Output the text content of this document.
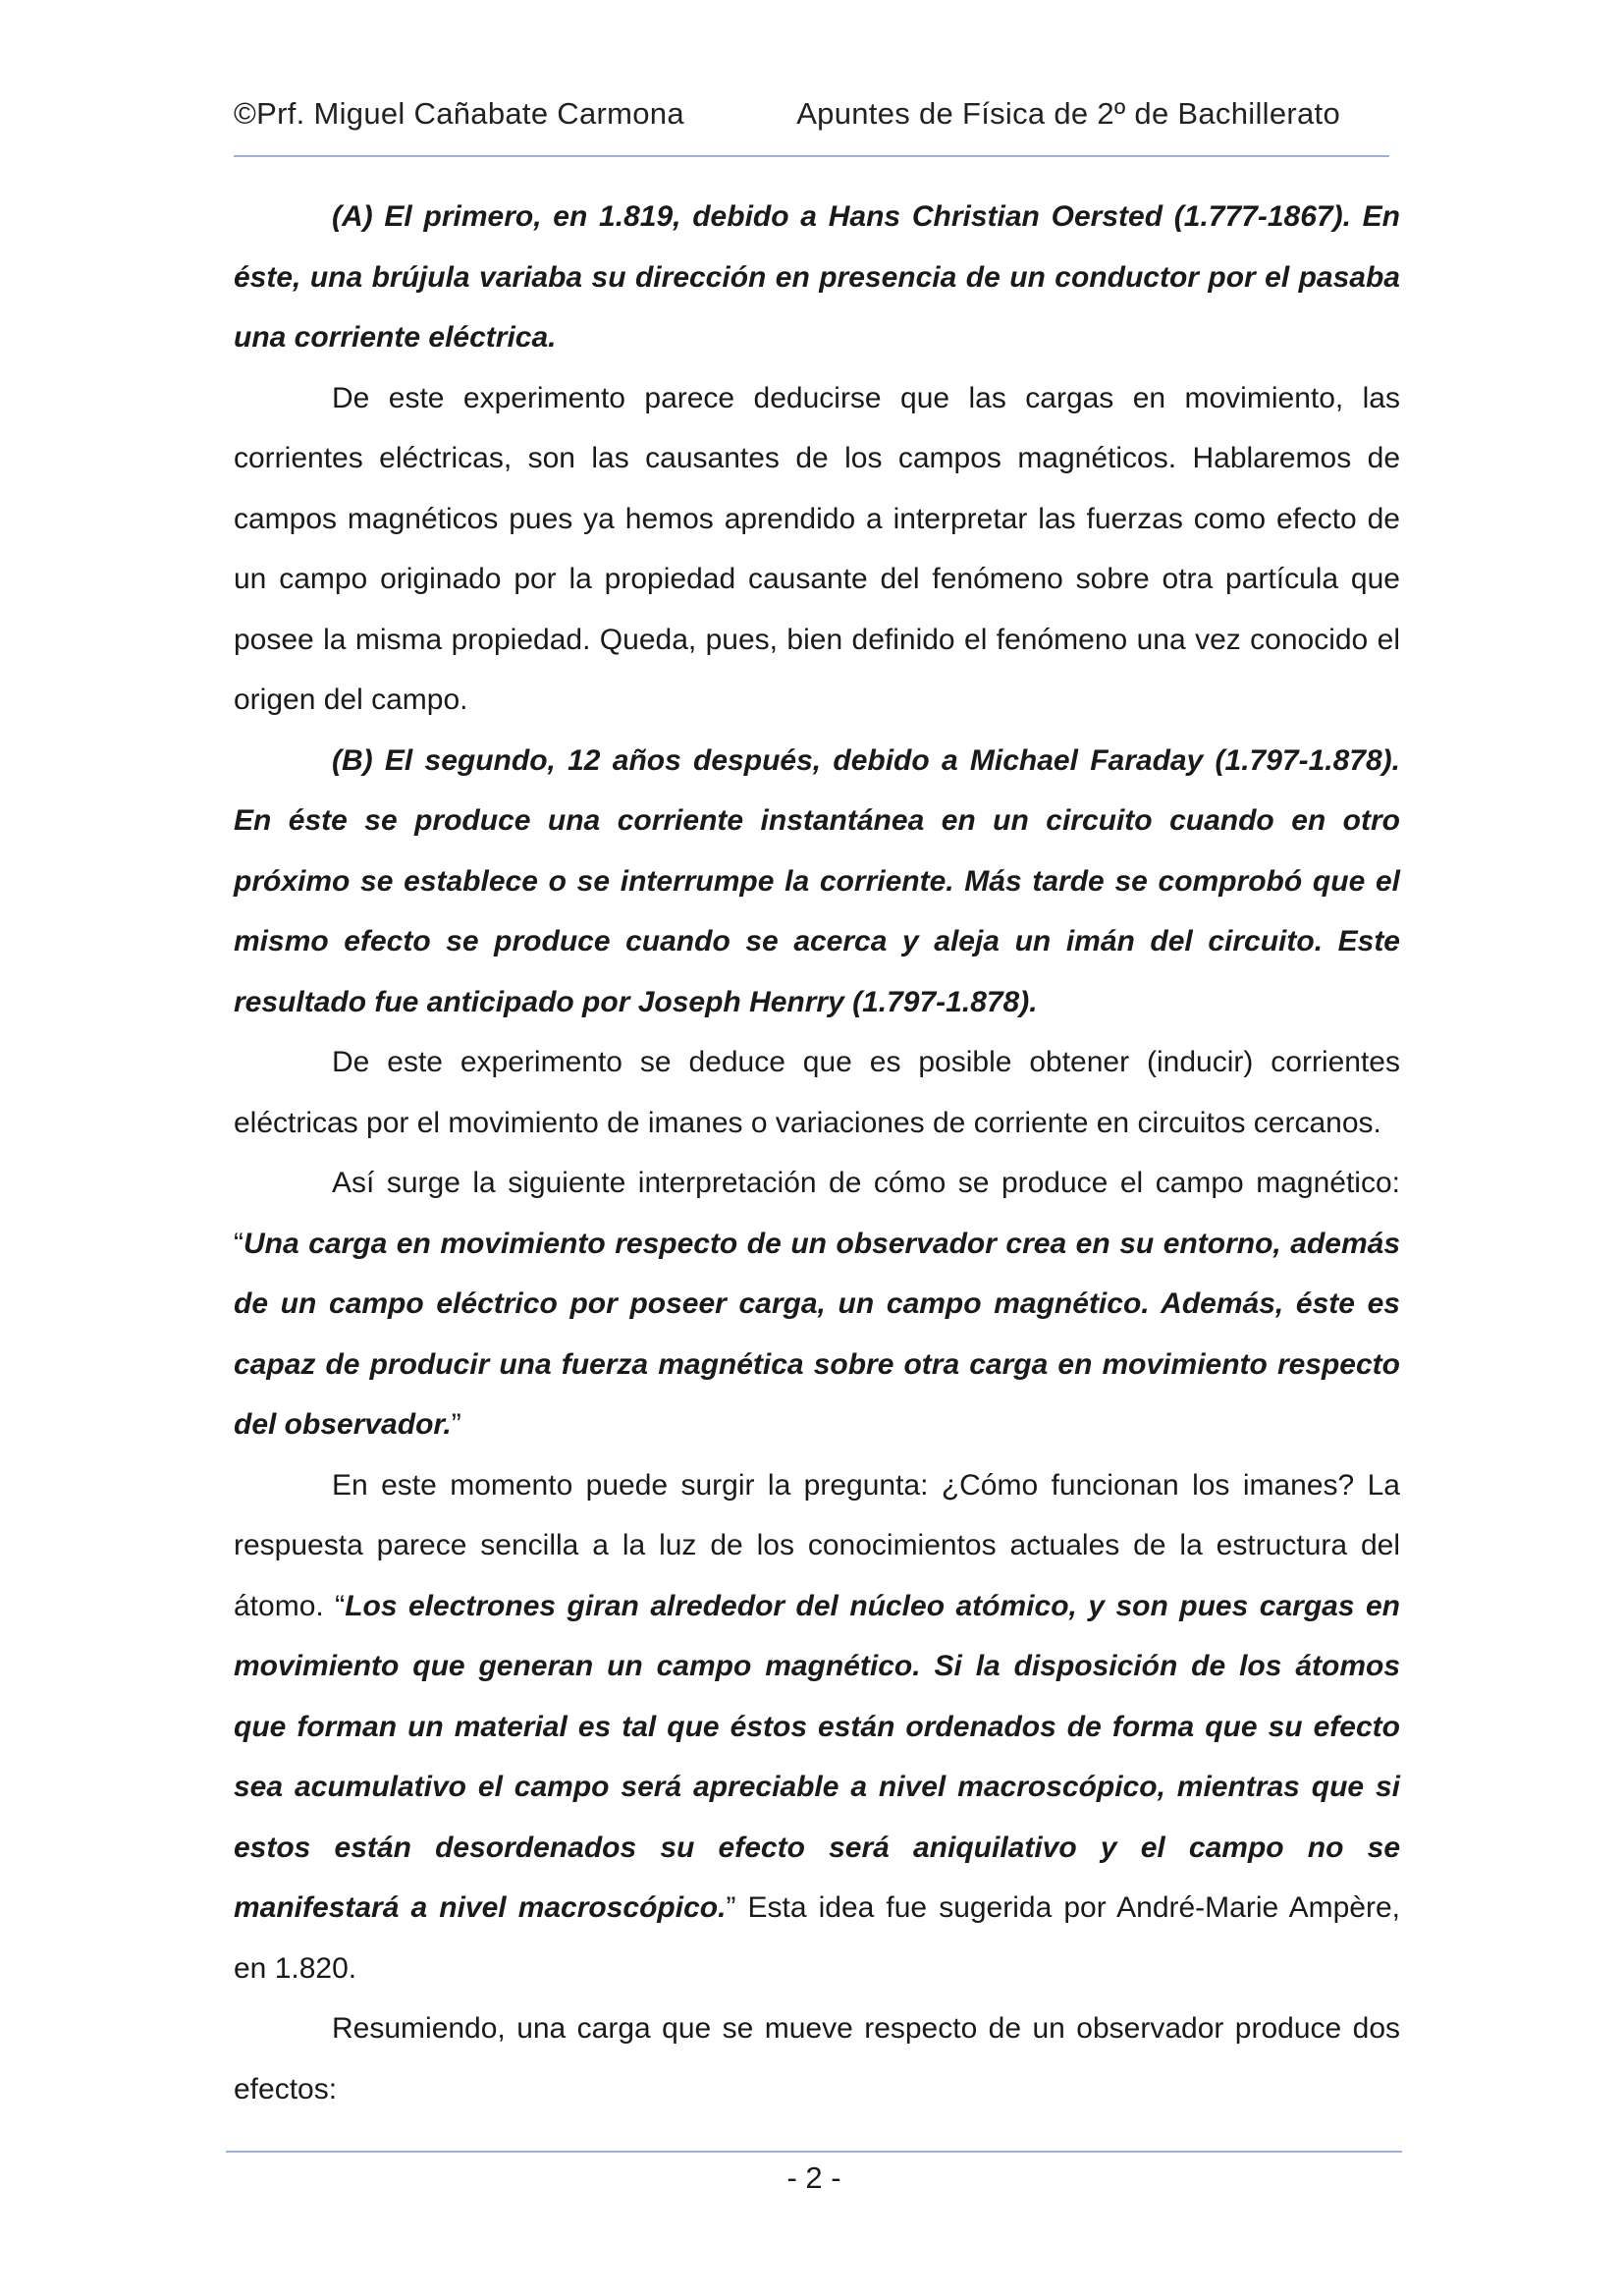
©Prf. Miguel Cañabate Carmona	Apuntes de Física de 2º de Bachillerato

(A) El primero, en 1.819, debido a Hans Christian Oersted (1.777-1867). En éste, una brújula variaba su dirección en presencia de un conductor por el pasaba una corriente eléctrica.

De este experimento parece deducirse que las cargas en movimiento, las corrientes eléctricas, son las causantes de los campos magnéticos. Hablaremos de campos magnéticos pues ya hemos aprendido a interpretar las fuerzas como efecto de un campo originado por la propiedad causante del fenómeno sobre otra partícula que posee la misma propiedad. Queda, pues, bien definido el fenómeno una vez conocido el origen del campo.

(B) El segundo, 12 años después, debido a Michael Faraday (1.797-1.878). En éste se produce una corriente instantánea en un circuito cuando en otro próximo se establece o se interrumpe la corriente. Más tarde se comprobó que el mismo efecto se produce cuando se acerca y aleja un imán del circuito. Este resultado fue anticipado por Joseph Henrry (1.797-1.878).

De este experimento se deduce que es posible obtener (inducir) corrientes eléctricas por el movimiento de imanes o variaciones de corriente en circuitos cercanos.

Así surge la siguiente interpretación de cómo se produce el campo magnético: “Una carga en movimiento respecto de un observador crea en su entorno, además de un campo eléctrico por poseer carga, un campo magnético. Además, éste es capaz de producir una fuerza magnética sobre otra carga en movimiento respecto del observador.”

En este momento puede surgir la pregunta: ¿Cómo funcionan los imanes? La respuesta parece sencilla a la luz de los conocimientos actuales de la estructura del átomo. “Los electrones giran alrededor del núcleo atómico, y son pues cargas en movimiento que generan un campo magnético. Si la disposición de los átomos que forman un material es tal que éstos están ordenados de forma que su efecto sea acumulativo el campo será apreciable a nivel macroscópico, mientras que si estos están desordenados su efecto será aniquilativo y el campo no se manifestará a nivel macroscópico.” Esta idea fue sugerida por André-Marie Ampère, en 1.820.

Resumiendo, una carga que se mueve respecto de un observador produce dos efectos:

- 2 -
